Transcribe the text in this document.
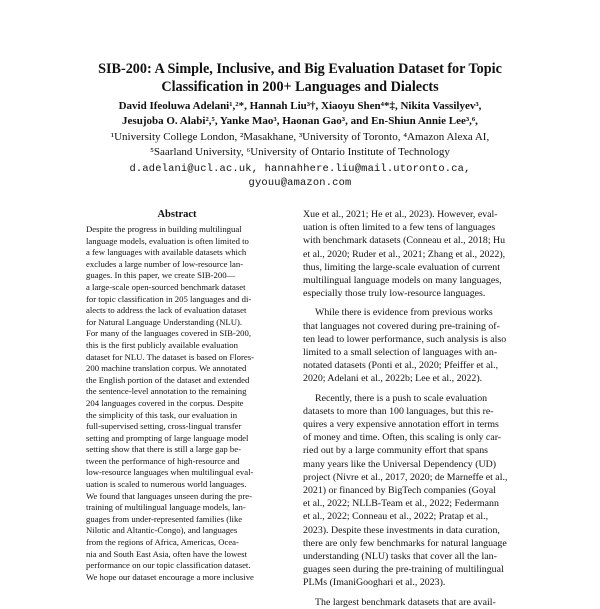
SIB-200: A Simple, Inclusive, and Big Evaluation Dataset for Topic
Classification in 200+ Languages and Dialects
David Ifeoluwa Adelani¹,²*, Hannah Liu³†, Xiaoyu Shen⁴*‡, Nikita Vassilyev³,
Jesujoba O. Alabi²,⁵, Yanke Mao³, Haonan Gao³, and En-Shiun Annie Lee³,⁶,
¹University College London, ²Masakhane, ³University of Toronto, ⁴Amazon Alexa AI,
⁵Saarland University, ⁶University of Ontario Institute of Technology
d.adelani@ucl.ac.uk, hannahhere.liu@mail.utoronto.ca,
gyouu@amazon.com
Abstract
Despite the progress in building multilingual
language models, evaluation is often limited to
a few languages with available datasets which
excludes a large number of low-resource lan-
guages. In this paper, we create SIB-200—
a large-scale open-sourced benchmark dataset
for topic classification in 205 languages and di-
alects to address the lack of evaluation dataset
for Natural Language Understanding (NLU).
For many of the languages covered in SIB-200,
this is the first publicly available evaluation
dataset for NLU. The dataset is based on Flores-
200 machine translation corpus. We annotated
the English portion of the dataset and extended
the sentence-level annotation to the remaining
204 languages covered in the corpus. Despite
the simplicity of this task, our evaluation in
full-supervised setting, cross-lingual transfer
setting and prompting of large language model
setting show that there is still a large gap be-
tween the performance of high-resource and
low-resource languages when multilingual eval-
uation is scaled to numerous world languages.
We found that languages unseen during the pre-
training of multilingual language models, lan-
guages from under-represented families (like
Nilotic and Altantic-Congo), and languages
from the regions of Africa, Americas, Ocea-
nia and South East Asia, often have the lowest
performance on our topic classification dataset.
We hope our dataset encourage a more inclusive
Xue et al., 2021; He et al., 2023). However, eval-
uation is often limited to a few tens of languages
with benchmark datasets (Conneau et al., 2018; Hu
et al., 2020; Ruder et al., 2021; Zhang et al., 2022),
thus, limiting the large-scale evaluation of current
multilingual language models on many languages,
especially those truly low-resource languages.
While there is evidence from previous works
that languages not covered during pre-training of-
ten lead to lower performance, such analysis is also
limited to a small selection of languages with an-
notated datasets (Ponti et al., 2020; Pfeiffer et al.,
2020; Adelani et al., 2022b; Lee et al., 2022).
Recently, there is a push to scale evaluation
datasets to more than 100 languages, but this re-
quires a very expensive annotation effort in terms
of money and time. Often, this scaling is only car-
ried out by a large community effort that spans
many years like the Universal Dependency (UD)
project (Nivre et al., 2017, 2020; de Marneffe et al.,
2021) or financed by BigTech companies (Goyal
et al., 2022; NLLB-Team et al., 2022; Federmann
et al., 2022; Conneau et al., 2022; Pratap et al.,
2023). Despite these investments in data curation,
there are only few benchmarks for natural language
understanding (NLU) tasks that cover all the lan-
guages seen during the pre-training of multilingual
PLMs (ImaniGooghari et al., 2023).
The largest benchmark datasets that are avail-
